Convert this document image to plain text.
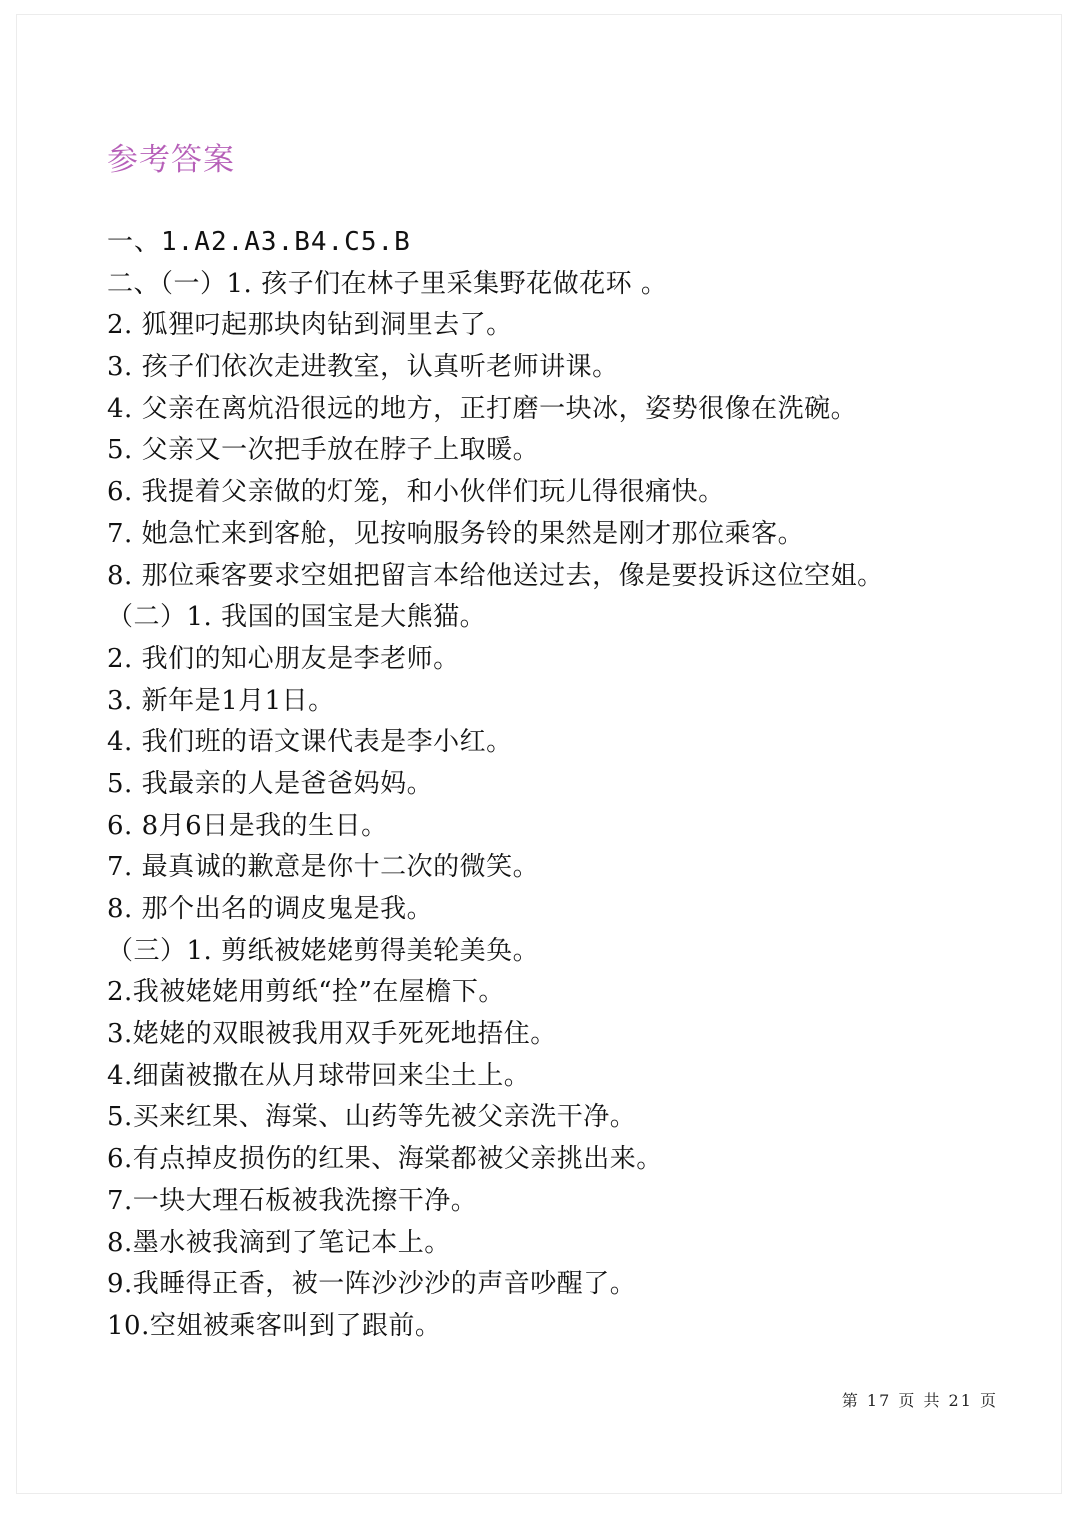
参考答案
一、1.A2.A3.B4.C5.B
二、（一）1. 孩子们在林子里采集野花做花环 。
2. 狐狸叼起那块肉钻到洞里去了。
3. 孩子们依次走进教室，认真听老师讲课。
4. 父亲在离炕沿很远的地方，正打磨一块冰，姿势很像在洗碗。
5. 父亲又一次把手放在脖子上取暖。
6. 我提着父亲做的灯笼，和小伙伴们玩儿得很痛快。
7. 她急忙来到客舱，见按响服务铃的果然是刚才那位乘客。
8. 那位乘客要求空姐把留言本给他送过去，像是要投诉这位空姐。
（二）1. 我国的国宝是大熊猫。
2. 我们的知心朋友是李老师。
3. 新年是1月1日。
4. 我们班的语文课代表是李小红。
5. 我最亲的人是爸爸妈妈。
6. 8月6日是我的生日。
7. 最真诚的歉意是你十二次的微笑。
8. 那个出名的调皮鬼是我。
（三）1. 剪纸被姥姥剪得美轮美奂。
2.我被姥姥用剪纸“拴”在屋檐下。
3.姥姥的双眼被我用双手死死地捂住。
4.细菌被撒在从月球带回来尘土上。
5.买来红果、海棠、山药等先被父亲洗干净。
6.有点掉皮损伤的红果、海棠都被父亲挑出来。
7.一块大理石板被我洗擦干净。
8.墨水被我滴到了笔记本上。
9.我睡得正香，被一阵沙沙沙的声音吵醒了。
10.空姐被乘客叫到了跟前。
第 17 页 共 21 页
